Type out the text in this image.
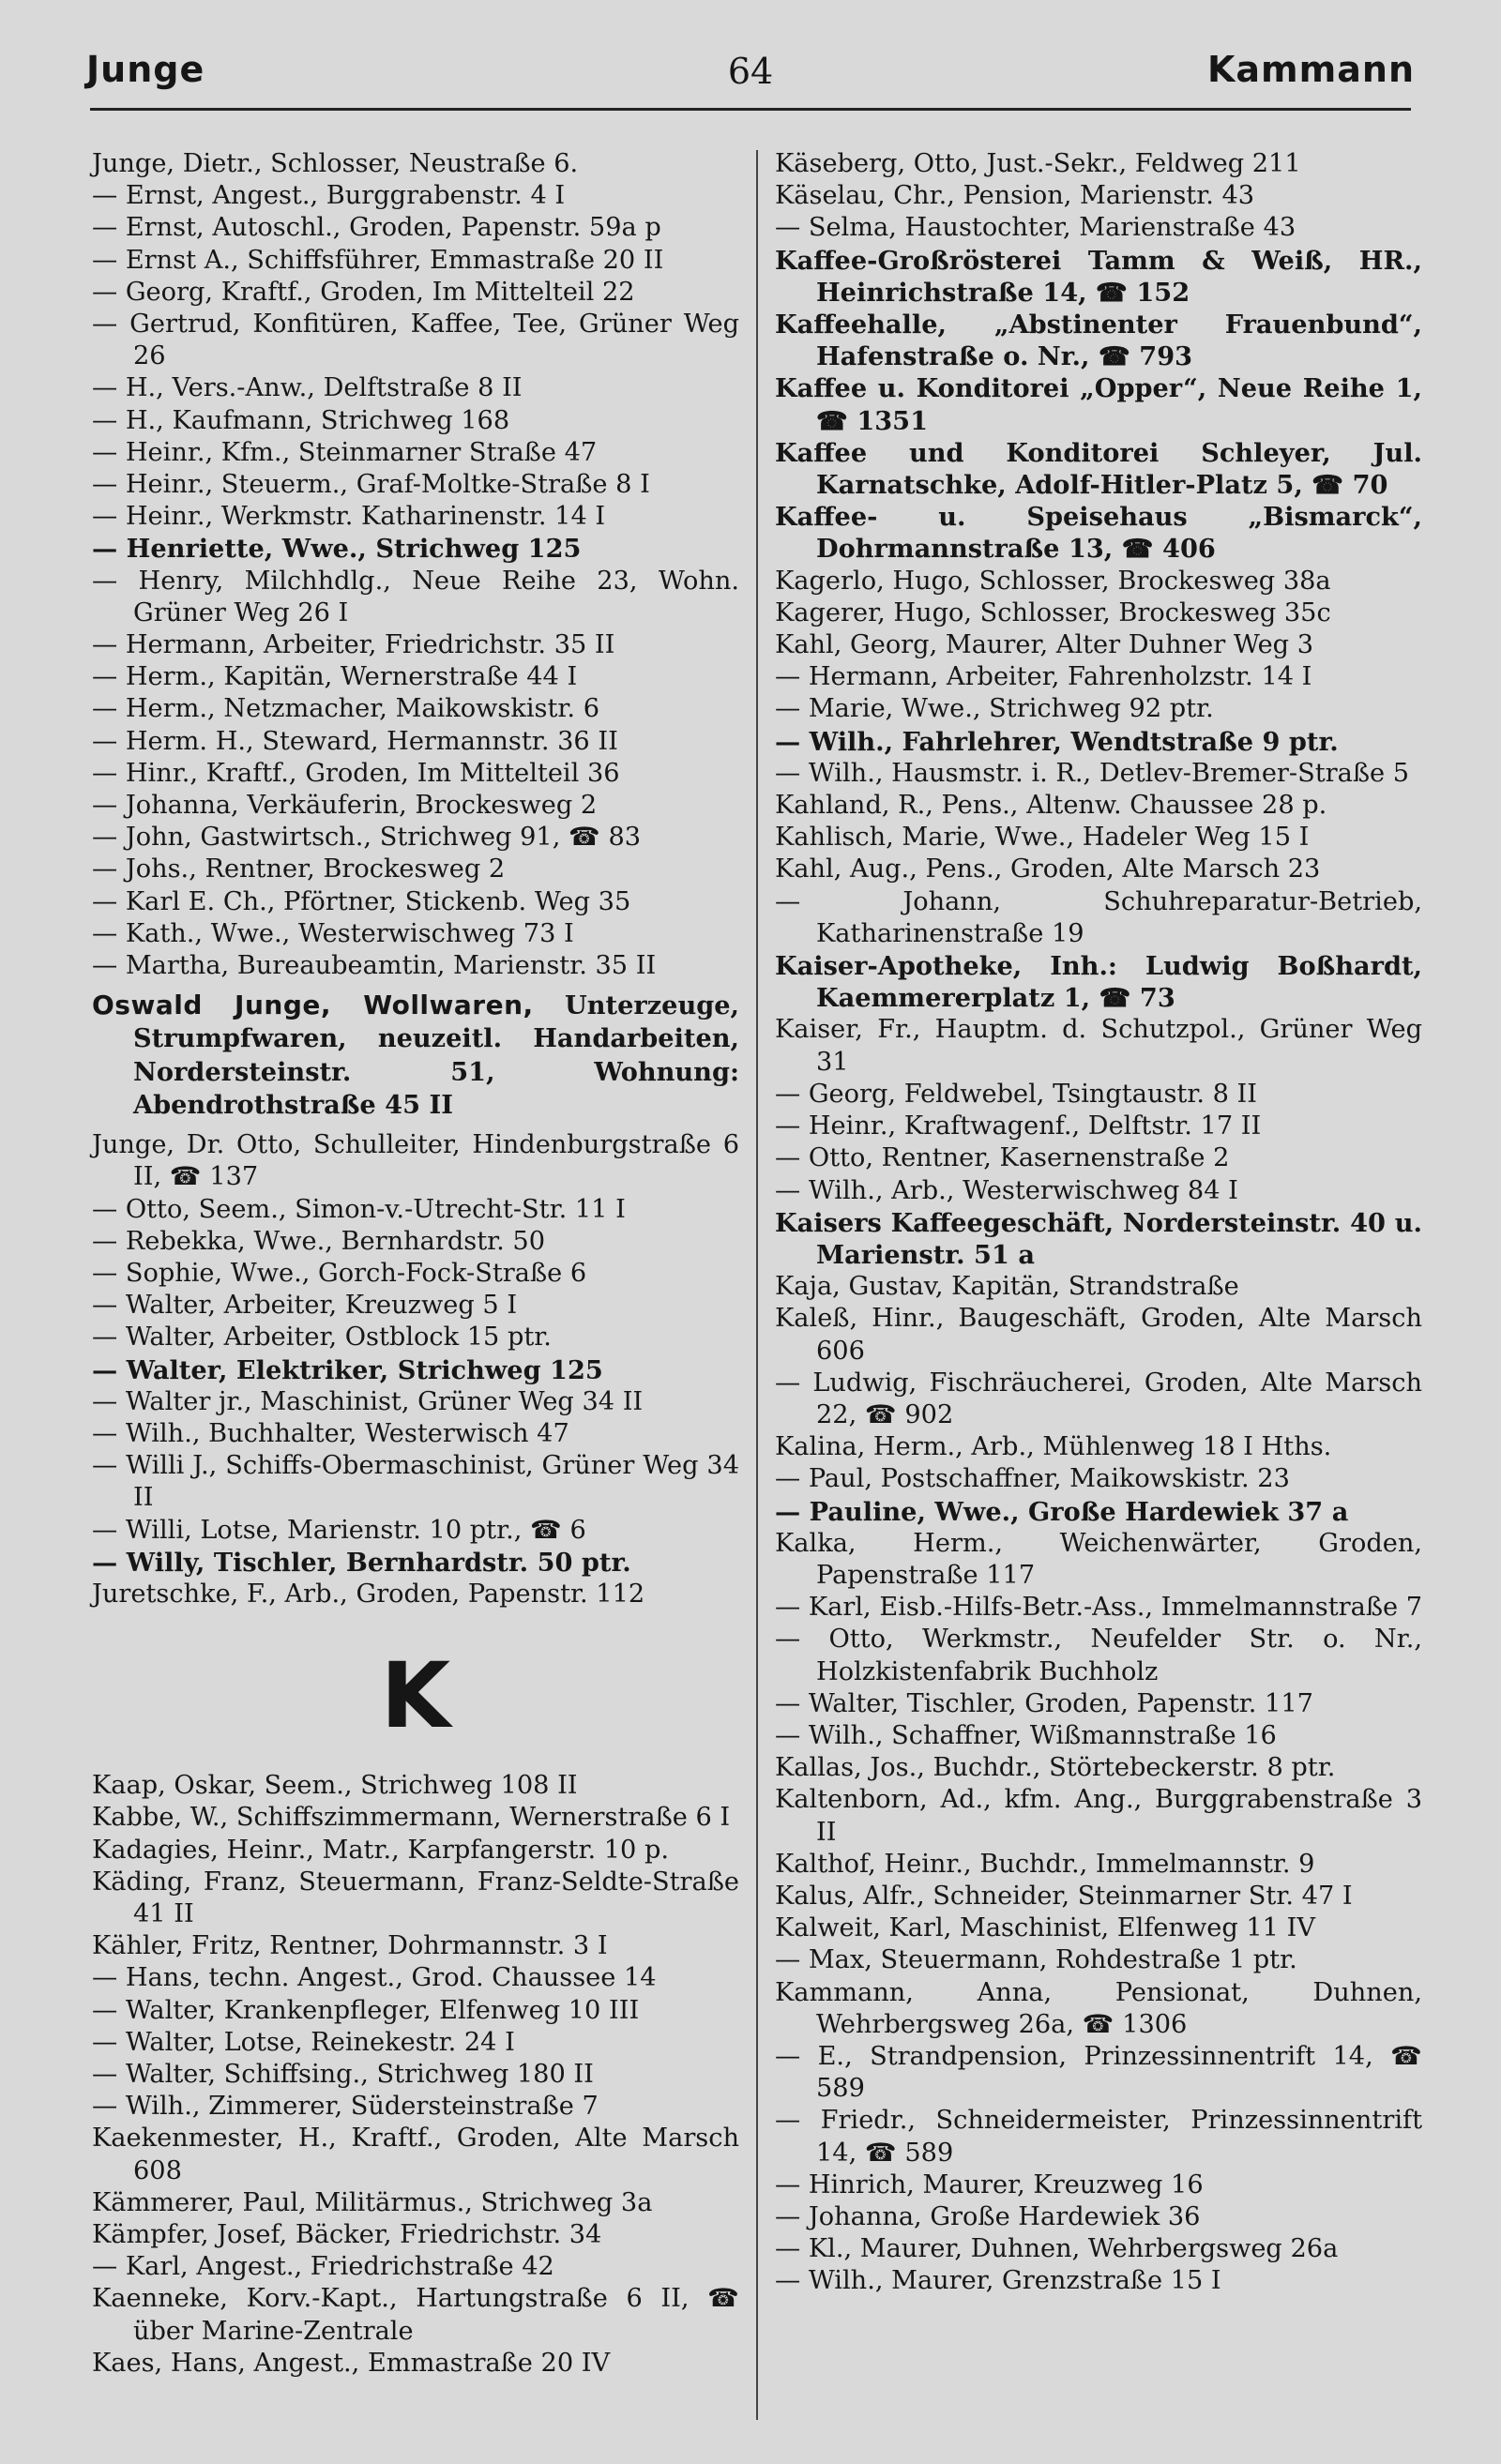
Junge	64	Kammann
Junge, Dietr., Schlosser, Neustraße 6.
— Ernst, Angest., Burggrabenstr. 4 I
— Ernst, Autoschl., Groden, Papenstr. 59a p
— Ernst A., Schiffsführer, Emmastraße 20 II
— Georg, Kraftf., Groden, Im Mittelteil 22
— Gertrud, Konfitüren, Kaffee, Tee, Grüner Weg 26
— H., Vers.-Anw., Delftstraße 8 II
— H., Kaufmann, Strichweg 168
— Heinr., Kfm., Steinmarner Straße 47
— Heinr., Steuerm., Graf-Moltke-Straße 8 I
— Heinr., Werkmstr. Katharinenstr. 14 I
— Henriette, Wwe., Strichweg 125
— Henry, Milchhdlg., Neue Reihe 23, Wohn. Grüner Weg 26 I
— Hermann, Arbeiter, Friedrichstr. 35 II
— Herm., Kapitän, Wernerstraße 44 I
— Herm., Netzmacher, Maikowskistr. 6
— Herm. H., Steward, Hermannstr. 36 II
— Hinr., Kraftf., Groden, Im Mittelteil 36
— Johanna, Verkäuferin, Brockesweg 2
— John, Gastwirtsch., Strichweg 91, ☎ 83
— Johs., Rentner, Brockesweg 2
— Karl E. Ch., Pförtner, Stickenb. Weg 35
— Kath., Wwe., Westerwischweg 73 I
— Martha, Bureaubeamtin, Marienstr. 35 II
Oswald Junge, Wollwaren, Unterzeuge, Strumpfwaren, neuzeitl. Handarbeiten, Nordersteinstr. 51, Wohnung: Abendrothstraße 45 II
Junge, Dr. Otto, Schulleiter, Hindenburgstraße 6 II, ☎ 137
— Otto, Seem., Simon-v.-Utrecht-Str. 11 I
— Rebekka, Wwe., Bernhardstr. 50
— Sophie, Wwe., Gorch-Fock-Straße 6
— Walter, Arbeiter, Kreuzweg 5 I
— Walter, Arbeiter, Ostblock 15 ptr.
— Walter, Elektriker, Strichweg 125
— Walter jr., Maschinist, Grüner Weg 34 II
— Wilh., Buchhalter, Westerwisch 47
— Willi J., Schiffs-Obermaschinist, Grüner Weg 34 II
— Willi, Lotse, Marienstr. 10 ptr., ☎ 6
— Willy, Tischler, Bernhardstr. 50 ptr.
Juretschke, F., Arb., Groden, Papenstr. 112
K
Kaap, Oskar, Seem., Strichweg 108 II
Kabbe, W., Schiffszimmermann, Wernerstraße 6 I
Kadagies, Heinr., Matr., Karpfangerstr. 10 p.
Käding, Franz, Steuermann, Franz-Seldte-Straße 41 II
Kähler, Fritz, Rentner, Dohrmannstr. 3 I
— Hans, techn. Angest., Grod. Chaussee 14
— Walter, Krankenpfleger, Elfenweg 10 III
— Walter, Lotse, Reinekestr. 24 I
— Walter, Schiffsing., Strichweg 180 II
— Wilh., Zimmerer, Südersteinstraße 7
Kaekenmester, H., Kraftf., Groden, Alte Marsch 608
Kämmerer, Paul, Militärmus., Strichweg 3a
Kämpfer, Josef, Bäcker, Friedrichstr. 34
— Karl, Angest., Friedrichstraße 42
Kaenneke, Korv.-Kapt., Hartungstraße 6 II, ☎ über Marine-Zentrale
Kaes, Hans, Angest., Emmastraße 20 IV
Käseberg, Otto, Just.-Sekr., Feldweg 211
Käselau, Chr., Pension, Marienstr. 43
— Selma, Haustochter, Marienstraße 43
Kaffee-Großrösterei Tamm & Weiß, HR., Heinrichstraße 14, ☎ 152
Kaffeehalle, „Abstinenter Frauenbund“, Hafenstraße o. Nr., ☎ 793
Kaffee u. Konditorei „Opper“, Neue Reihe 1, ☎ 1351
Kaffee und Konditorei Schleyer, Jul. Karnatschke, Adolf-Hitler-Platz 5, ☎ 70
Kaffee- u. Speisehaus „Bismarck“, Dohrmannstraße 13, ☎ 406
Kagerlo, Hugo, Schlosser, Brockesweg 38a
Kagerer, Hugo, Schlosser, Brockesweg 35c
Kahl, Georg, Maurer, Alter Duhner Weg 3
— Hermann, Arbeiter, Fahrenholzstr. 14 I
— Marie, Wwe., Strichweg 92 ptr.
— Wilh., Fahrlehrer, Wendtstraße 9 ptr.
— Wilh., Hausmstr. i. R., Detlev-Bremer-Straße 5
Kahland, R., Pens., Altenw. Chaussee 28 p.
Kahlisch, Marie, Wwe., Hadeler Weg 15 I
Kahl, Aug., Pens., Groden, Alte Marsch 23
— Johann, Schuhreparatur-Betrieb, Katharinenstraße 19
Kaiser-Apotheke, Inh.: Ludwig Boßhardt, Kaemmererplatz 1, ☎ 73
Kaiser, Fr., Hauptm. d. Schutzpol., Grüner Weg 31
— Georg, Feldwebel, Tsingtaustr. 8 II
— Heinr., Kraftwagenf., Delftstr. 17 II
— Otto, Rentner, Kasernenstraße 2
— Wilh., Arb., Westerwischweg 84 I
Kaisers Kaffeegeschäft, Nordersteinstr. 40 u. Marienstr. 51 a
Kaja, Gustav, Kapitän, Strandstraße
Kaleß, Hinr., Baugeschäft, Groden, Alte Marsch 606
— Ludwig, Fischräucherei, Groden, Alte Marsch 22, ☎ 902
Kalina, Herm., Arb., Mühlenweg 18 I Hths.
— Paul, Postschaffner, Maikowskistr. 23
— Pauline, Wwe., Große Hardewiek 37 a
Kalka, Herm., Weichenwärter, Groden, Papenstraße 117
— Karl, Eisb.-Hilfs-Betr.-Ass., Immelmannstraße 7
— Otto, Werkmstr., Neufelder Str. o. Nr., Holzkistenfabrik Buchholz
— Walter, Tischler, Groden, Papenstr. 117
— Wilh., Schaffner, Wißmannstraße 16
Kallas, Jos., Buchdr., Störtebeckerstr. 8 ptr.
Kaltenborn, Ad., kfm. Ang., Burggrabenstraße 3 II
Kalthof, Heinr., Buchdr., Immelmannstr. 9
Kalus, Alfr., Schneider, Steinmarner Str. 47 I
Kalweit, Karl, Maschinist, Elfenweg 11 IV
— Max, Steuermann, Rohdestraße 1 ptr.
Kammann, Anna, Pensionat, Duhnen, Wehrbergsweg 26a, ☎ 1306
— E., Strandpension, Prinzessinnentrift 14, ☎ 589
— Friedr., Schneidermeister, Prinzessinnentrift 14, ☎ 589
— Hinrich, Maurer, Kreuzweg 16
— Johanna, Große Hardewiek 36
— Kl., Maurer, Duhnen, Wehrbergsweg 26a
— Wilh., Maurer, Grenzstraße 15 I
